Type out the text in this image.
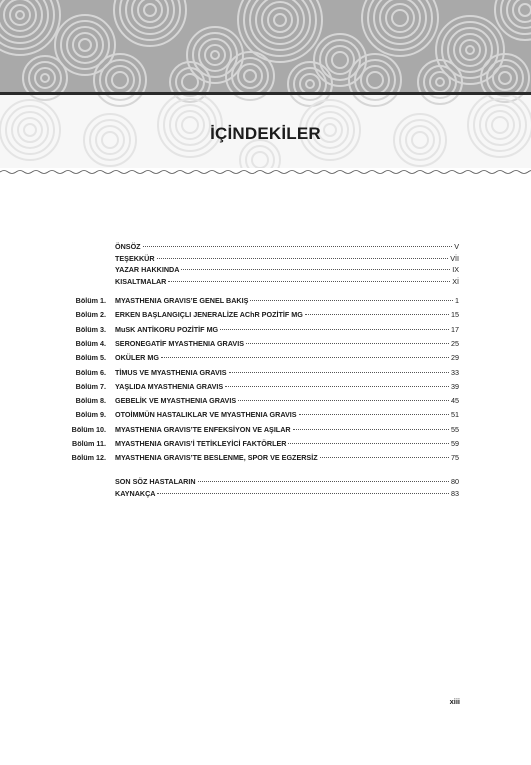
İÇİNDEKİLER
ÖNSÖZ	V
TEŞEKKÜR	VİI
YAZAR HAKKINDA	IX
KISALTMALAR	Xİ
Bölüm 1. MYASTHENIA GRAVIS’E GENEL BAKIŞ	1
Bölüm 2. ERKEN BAŞLANGIÇLI JENERALİZE AChR POZİTİF MG	15
Bölüm 3. MuSK ANTİKORU POZİTİF MG	17
Bölüm 4. SERONEGATİF MYASTHENIA GRAVIS	25
Bölüm 5. OKÜLER MG	29
Bölüm 6. TİMUS VE MYASTHENIA GRAVIS	33
Bölüm 7. YAŞLIDA MYASTHENIA GRAVIS	39
Bölüm 8. GEBELİK VE MYASTHENIA GRAVIS	45
Bölüm 9. OTOİMMÜN HASTALIKLAR VE MYASTHENIA GRAVIS	51
Bölüm 10. MYASTHENIA GRAVIS’TE ENFEKSİYON VE AŞILAR	55
Bölüm 11. MYASTHENIA GRAVIS’İ TETİKLEYİCİ FAKTÖRLER	59
Bölüm 12. MYASTHENIA GRAVIS’TE BESLENME, SPOR VE EGZERSİZ	75
SON SÖZ HASTALARIN	80
KAYNAKÇA	83
xiii
